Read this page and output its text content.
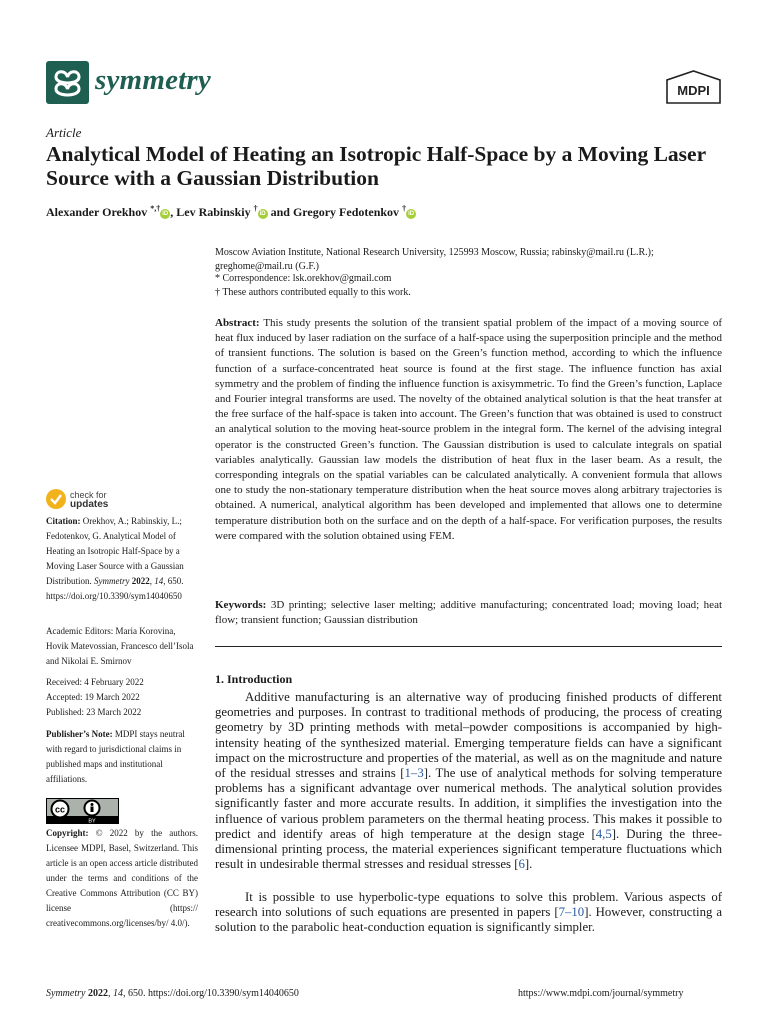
symmetry	MDPI
Article
Analytical Model of Heating an Isotropic Half-Space by a Moving Laser Source with a Gaussian Distribution
Alexander Orekhov *,†iD , Lev Rabinskiy †iD and Gregory Fedotenkov †iD
Moscow Aviation Institute, National Research University, 125993 Moscow, Russia; rabinsky@mail.ru (L.R.); greghome@mail.ru (G.F.)
* Correspondence: lsk.orekhov@gmail.com
† These authors contributed equally to this work.
Abstract: This study presents the solution of the transient spatial problem of the impact of a moving source of heat flux induced by laser radiation on the surface of a half-space using the superposition principle and the method of transient functions. The solution is based on the Green’s function method, according to which the influence function of a surface-concentrated heat source is found at the first stage. The influence function has axial symmetry and the problem of finding the influence function is axisymmetric. To find the Green’s function, Laplace and Fourier integral transforms are used. The novelty of the obtained analytical solution is that the heat transfer at the free surface of the half-space is taken into account. The Green’s function that was obtained is used to construct an analytical solution to the moving heat-source problem in the integral form. The kernel of the advising integral operator is the constructed Green’s function. The Gaussian distribution is used to calculate integrals on spatial variables analytically. Gaussian law models the distribution of heat flux in the laser beam. As a result, the corresponding integrals on the spatial variables can be calculated analytically. A convenient formula that allows one to study the non-stationary temperature distribution when the heat source moves along arbitrary trajectories is obtained. A numerical, analytical algorithm has been developed and implemented that allows one to determine temperature distribution both on the surface and on the depth of a half-space. For verification purposes, the results were compared with the solution obtained using FEM.
Keywords: 3D printing; selective laser melting; additive manufacturing; concentrated load; moving load; heat flow; transient function; Gaussian distribution
1. Introduction
Additive manufacturing is an alternative way of producing finished products of different geometries and purposes. In contrast to traditional methods of producing, the process of creating geometry by 3D printing methods with metal–powder compositions is accompanied by high-intensity heating of the synthesized material. Emerging temperature fields can have a significant impact on the microstructure and properties of the material, as well as on the magnitude and nature of the residual stresses and strains [1–3]. The use of analytical methods for solving temperature problems has a significant advantage over numerical methods. The analytical solution provides significantly faster and more accurate results. In addition, it simplifies the investigation into the influence of various problem parameters on the thermal heating process. This makes it possible to predict and identify areas of high temperature at the design stage [4,5]. During the three-dimensional printing process, the material experiences significant temperature fluctuations which result in undesirable thermal stresses and residual stresses [6].
It is possible to use hyperbolic-type equations to solve this problem. Various aspects of research into solutions of such equations are presented in papers [7–10]. However, constructing a solution to the parabolic heat-conduction equation is significantly simpler.
check for
updates
Citation: Orekhov, A.; Rabinskiy, L.; Fedotenkov, G. Analytical Model of Heating an Isotropic Half-Space by a Moving Laser Source with a Gaussian Distribution. Symmetry 2022, 14, 650. https://doi.org/10.3390/sym14040650
Academic Editors: Maria Korovina, Hovik Matevossian, Francesco dell’Isola and Nikolai E. Smirnov
Received: 4 February 2022
Accepted: 19 March 2022
Published: 23 March 2022
Publisher’s Note: MDPI stays neutral with regard to jurisdictional claims in published maps and institutional affiliations.
cc
BY
Copyright: © 2022 by the authors. Licensee MDPI, Basel, Switzerland. This article is an open access article distributed under the terms and conditions of the Creative Commons Attribution (CC BY) license (https:// creativecommons.org/licenses/by/ 4.0/).
Symmetry 2022, 14, 650. https://doi.org/10.3390/sym14040650	https://www.mdpi.com/journal/symmetry
